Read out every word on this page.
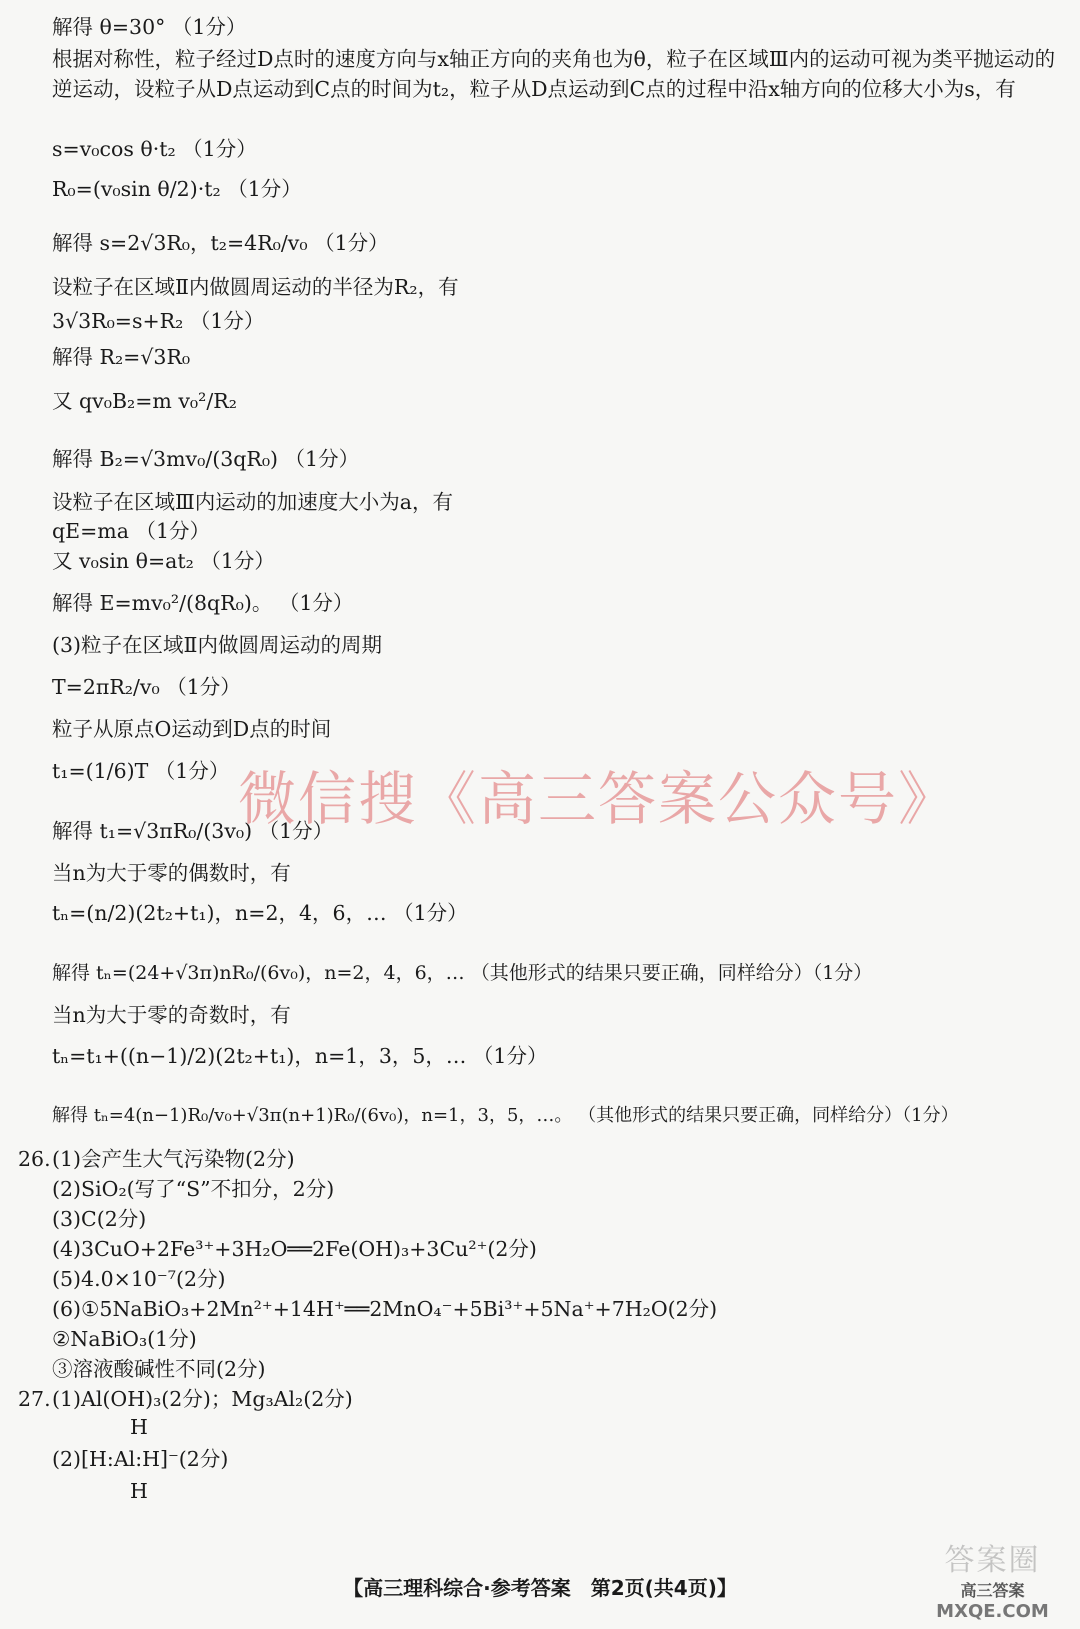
解得 θ=30° （1分）
根据对称性，粒子经过D点时的速度方向与x轴正方向的夹角也为θ，粒子在区域Ⅲ内的运动可视为类平抛运动的逆运动，设粒子从D点运动到C点的时间为t₂，粒子从D点运动到C点的过程中沿x轴方向的位移大小为s，有
s=v₀cos θ·t₂ （1分）
R₀=(v₀sin θ/2)·t₂ （1分）
解得 s=2√3R₀，t₂=4R₀/v₀ （1分）
设粒子在区域Ⅱ内做圆周运动的半径为R₂，有
3√3R₀=s+R₂ （1分）
解得 R₂=√3R₀
又 qv₀B₂=m v₀²/R₂
解得 B₂=√3mv₀/(3qR₀) （1分）
设粒子在区域Ⅲ内运动的加速度大小为a，有
qE=ma （1分）
又 v₀sin θ=at₂ （1分）
解得 E=mv₀²/(8qR₀)。 （1分）
(3)粒子在区域Ⅱ内做圆周运动的周期
T=2πR₂/v₀ （1分）
粒子从原点O运动到D点的时间
t₁=(1/6)T （1分）
解得 t₁=√3πR₀/(3v₀) （1分）
当n为大于零的偶数时，有
tₙ=(n/2)(2t₂+t₁)，n=2，4，6，… （1分）
解得 tₙ=(24+√3π)nR₀/(6v₀)，n=2，4，6，… （其他形式的结果只要正确，同样给分）（1分）
当n为大于零的奇数时，有
tₙ=t₁+((n−1)/2)(2t₂+t₁)，n=1，3，5，… （1分）
解得 tₙ=4(n−1)R₀/v₀+√3π(n+1)R₀/(6v₀)，n=1，3，5，…。 （其他形式的结果只要正确，同样给分）（1分）
微信搜《高三答案公众号》
26. (1)会产生大气污染物(2分)
(2)SiO₂(写了“S”不扣分，2分)
(3)C(2分)
(4)3CuO+2Fe³⁺+3H₂O══2Fe(OH)₃+3Cu²⁺(2分)
(5)4.0×10⁻⁷(2分)
(6)①5NaBiO₃+2Mn²⁺+14H⁺══2MnO₄⁻+5Bi³⁺+5Na⁺+7H₂O(2分)
②NaBiO₃(1分)
③溶液酸碱性不同(2分)
27. (1)Al(OH)₃(2分)；Mg₃Al₂(2分)
H
(2)[H:Al:H]⁻(2分)
H
【高三理科综合·参考答案　第2页(共4页)】
答案圈
高三答案
MXQE.COM
